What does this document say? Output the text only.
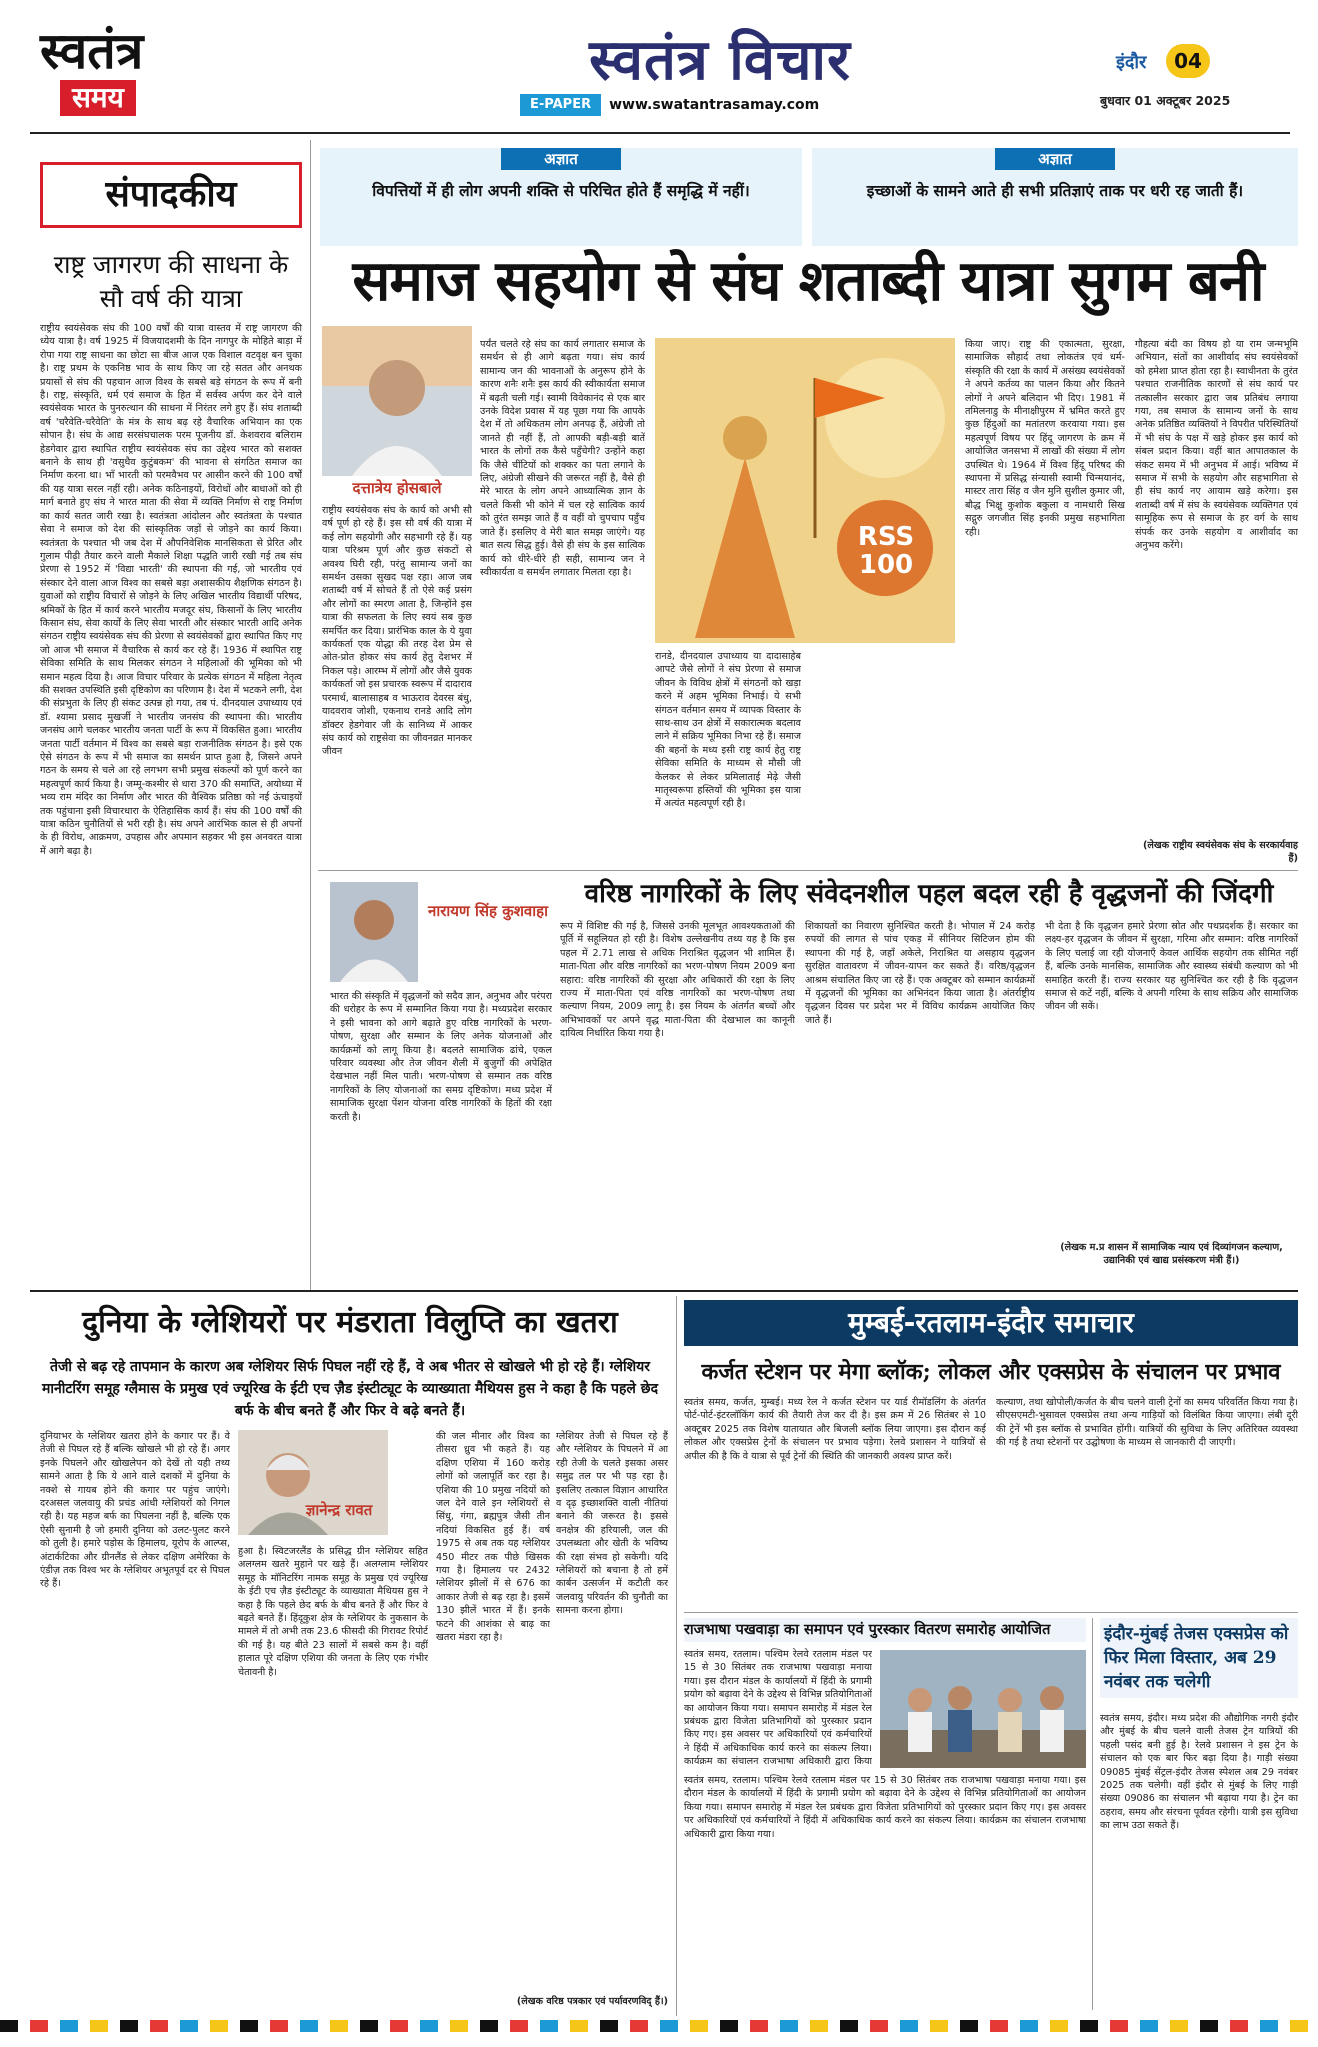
स्वतंत्र
समय
स्वतंत्र विचार
E-PAPER	www.swatantrasamay.com
इंदौर	04
बुधवार 01 अक्टूबर 2025
संपादकीय
राष्ट्र जागरण की साधना के सौ वर्ष की यात्रा

राष्ट्रीय स्वयंसेवक संघ की 100 वर्षों की यात्रा वास्तव में राष्ट्र जागरण की ध्येय यात्रा है। वर्ष 1925 में विजयादशमी के दिन नागपुर के मोहिते बाड़ा में रोपा गया राष्ट्र साधना का छोटा सा बीज आज एक विशाल वटवृक्ष बन चुका है। राष्ट्र प्रथम के एकनिष्ठ भाव के साथ किए जा रहे सतत और अनथक प्रयासों से संघ की पहचान आज विश्व के सबसे बड़े संगठन के रूप में बनी है। राष्ट्र, संस्कृति, धर्म एवं समाज के हित में सर्वस्व अर्पण कर देने वाले स्वयंसेवक भारत के पुनरुत्थान की साधना में निरंतर लगे हुए हैं। संघ शताब्दी वर्ष 'चरैवेति-चरैवेति' के मंत्र के साथ बढ़ रहे वैचारिक अभियान का एक सोपान है। संघ के आद्य सरसंघचालक परम पूजनीय डॉ. केशवराव बलिराम हेडगेवार द्वारा स्थापित राष्ट्रीय स्वयंसेवक संघ का उद्देश्य भारत को सशक्त बनाने के साथ ही 'वसुधैव कुटुंबकम' की भावना से संगठित समाज का निर्माण करना था। भाँ भारती को परमवैभव पर आसीन करने की 100 वर्षों की यह यात्रा सरल नहीं रही। अनेक कठिनाइयों, विरोधों और बाधाओं को ही मार्ग बनाते हुए संघ ने भारत माता की सेवा में व्यक्ति निर्माण से राष्ट्र निर्माण का कार्य सतत जारी रखा है। स्वतंत्रता आंदोलन और स्वतंत्रता के पश्चात सेवा ने समाज को देश की सांस्कृतिक जड़ों से जोड़ने का कार्य किया। स्वतंत्रता के पश्चात भी जब देश में औपनिवेशिक मानसिकता से प्रेरित और गुलाम पीढ़ी तैयार करने वाली मैकाले शिक्षा पद्धति जारी रखी गई तब संघ प्रेरणा से 1952 में 'विद्या भारती' की स्थापना की गई, जो भारतीय एवं संस्कार देने वाला आज विश्व का सबसे बड़ा अशासकीय शैक्षणिक संगठन है। युवाओं को राष्ट्रीय विचारों से जोड़ने के लिए अखिल भारतीय विद्यार्थी परिषद, श्रमिकों के हित में कार्य करने भारतीय मजदूर संघ, किसानों के लिए भारतीय किसान संघ, सेवा कार्यों के लिए सेवा भारती और संस्कार भारती आदि अनेक संगठन राष्ट्रीय स्वयंसेवक संघ की प्रेरणा से स्वयंसेवकों द्वारा स्थापित किए गए जो आज भी समाज में वैचारिक से कार्य कर रहे हैं। 1936 में स्थापित राष्ट्र सेविका समिति के साथ मिलकर संगठन ने महिलाओं की भूमिका को भी समान महत्व दिया है। आज विचार परिवार के प्रत्येक संगठन में महिला नेतृत्व की सशक्त उपस्थिति इसी दृष्टिकोण का परिणाम है। देश में भटकने लगी, देश की संप्रभुता के लिए ही संकट उत्पन्न हो गया, तब पं. दीनदयाल उपाध्याय एवं डॉ. श्यामा प्रसाद मुखर्जी ने भारतीय जनसंघ की स्थापना की। भारतीय जनसंघ आगे चलकर भारतीय जनता पार्टी के रूप में विकसित हुआ। भारतीय जनता पार्टी वर्तमान में विश्व का सबसे बड़ा राजनीतिक संगठन है। इसे एक ऐसे संगठन के रूप में भी समाज का समर्थन प्राप्त हुआ है, जिसने अपने गठन के समय से चले आ रहे लगभग सभी प्रमुख संकल्पों को पूर्ण करने का महत्वपूर्ण कार्य किया है। जम्मू-कश्मीर से धारा 370 की समाप्ति, अयोध्या में भव्य राम मंदिर का निर्माण और भारत की वैश्विक प्रतिष्ठा को नई ऊंचाइयों तक पहुंचाना इसी विचारधारा के ऐतिहासिक कार्य हैं। संघ की 100 वर्षों की यात्रा कठिन चुनौतियों से भरी रही है। संघ अपने आरंभिक काल से ही अपनों के ही विरोध, आक्रमण, उपहास और अपमान सहकर भी इस अनवरत यात्रा में आगे बढ़ा है।

अज्ञात
विपत्तियों में ही लोग अपनी शक्ति से परिचित होते हैं समृद्धि में नहीं।
अज्ञात
इच्छाओं के सामने आते ही सभी प्रतिज्ञाएं ताक पर धरी रह जाती हैं।
समाज सहयोग से संघ शताब्दी यात्रा सुगम बनी
दत्तात्रेय होसबाले

राष्ट्रीय स्वयंसेवक संघ के कार्य को अभी सौ वर्ष पूर्ण हो रहे हैं। इस सौ वर्ष की यात्रा में कई लोग सहयोगी और सहभागी रहे हैं। यह यात्रा परिश्रम पूर्ण और कुछ संकटों से अवश्य घिरी रही, परंतु सामान्य जनों का समर्थन उसका सुखद पक्ष रहा। आज जब शताब्दी वर्ष में सोचते हैं तो ऐसे कई प्रसंग और लोगों का स्मरण आता है, जिन्होंने इस यात्रा की सफलता के लिए स्वयं सब कुछ समर्पित कर दिया। प्रारंभिक काल के ये युवा कार्यकर्ता एक योद्धा की तरह देश प्रेम से ओत-प्रोत होकर संघ कार्य हेतु देशभर में निकल पड़े। आरम्भ में लोगों और जैसे युवक कार्यकर्ता जो इस प्रचारक स्वरूप में दादाराव परमार्थ, बालासाहब व भाऊराव देवरस बंधु, यादवराव जोशी, एकनाथ रानडे आदि लोग डॉक्टर हेडगेवार जी के सानिध्य में आकर संघ कार्य को राष्ट्रसेवा का जीवनव्रत मानकर जीवन

पर्यंत चलते रहे संघ का कार्य लगातार समाज के समर्थन से ही आगे बढ़ता गया। संघ कार्य सामान्य जन की भावनाओं के अनुरूप होने के कारण शनैः शनैः इस कार्य की स्वीकार्यता समाज में बढ़ती चली गई। स्वामी विवेकानंद से एक बार उनके विदेश प्रवास में यह पूछा गया कि आपके देश में तो अधिकतम लोग अनपढ़ हैं, अंग्रेजी तो जानते ही नहीं हैं, तो आपकी बड़ी-बड़ी बातें भारत के लोगों तक कैसे पहुँचेगी? उन्होंने कहा कि जैसे चींटियों को शक्कर का पता लगाने के लिए, अंग्रेजी सीखने की जरूरत नहीं है, वैसे ही मेरे भारत के लोग अपने आध्यात्मिक ज्ञान के चलते किसी भी कोने में चल रहे सात्विक कार्य को तुरंत समझ जाते हैं व वहीं वो चुपचाप पहुँच जाते हैं। इसलिए वे मेरी बात समझ जाएंगे। यह बात सत्य सिद्ध हुई। वैसे ही संघ के इस सात्विक कार्य को धीरे-धीरे ही सही, सामान्य जन ने स्वीकार्यता व समर्थन लगातार मिलता रहा है।

RSS 100

रानडे, दीनदयाल उपाध्याय या दादासाहेब आपटे जैसे लोगों ने संघ प्रेरणा से समाज जीवन के विविध क्षेत्रों में संगठनों को खड़ा करने में अहम भूमिका निभाई। ये सभी संगठन वर्तमान समय में व्यापक विस्तार के साथ-साथ उन क्षेत्रों में सकारात्मक बदलाव लाने में सक्रिय भूमिका निभा रहे हैं। समाज की बहनों के मध्य इसी राष्ट्र कार्य हेतु राष्ट्र सेविका समिति के माध्यम से मौसी जी केलकर से लेकर प्रमिलाताई मेढ़े जैसी मातृस्वरूपा हस्तियों की भूमिका इस यात्रा में अत्यंत महत्वपूर्ण रही है।

किया जाए। राष्ट्र की एकात्मता, सुरक्षा, सामाजिक सौहार्द तथा लोकतंत्र एवं धर्म-संस्कृति की रक्षा के कार्य में असंख्य स्वयंसेवकों ने अपने कर्तव्य का पालन किया और कितने लोगों ने अपने बलिदान भी दिए। 1981 में तमिलनाडु के मीनाक्षीपुरम में भ्रमित करते हुए कुछ हिंदुओं का मतांतरण करवाया गया। इस महत्वपूर्ण विषय पर हिंदू जागरण के क्रम में आयोजित जनसभा में लाखों की संख्या में लोग उपस्थित थे। 1964 में विश्व हिंदू परिषद की स्थापना में प्रसिद्ध संन्यासी स्वामी चिन्मयानंद, मास्टर तारा सिंह व जैन मुनि सुशील कुमार जी, बौद्ध भिक्षु कुशोक बकुला व नामधारी सिख सद्गुरु जगजीत सिंह इनकी प्रमुख सहभागिता रही।

गौहत्या बंदी का विषय हो या राम जन्मभूमि अभियान, संतों का आशीर्वाद संघ स्वयंसेवकों को हमेशा प्राप्त होता रहा है। स्वाधीनता के तुरंत पश्चात राजनीतिक कारणों से संघ कार्य पर तत्कालीन सरकार द्वारा जब प्रतिबंध लगाया गया, तब समाज के सामान्य जनों के साथ अनेक प्रतिष्ठित व्यक्तियों ने विपरीत परिस्थितियों में भी संघ के पक्ष में खड़े होकर इस कार्य को संबल प्रदान किया। वहीं बात आपातकाल के संकट समय में भी अनुभव में आई। भविष्य में समाज में सभी के सहयोग और सहभागिता से ही संघ कार्य नए आयाम खड़े करेगा। इस शताब्दी वर्ष में संघ के स्वयंसेवक व्यक्तिगत एवं सामूहिक रूप से समाज के हर वर्ग के साथ संपर्क कर उनके सहयोग व आशीर्वाद का अनुभव करेंगे।

(लेखक राष्ट्रीय स्वयंसेवक संघ के सरकार्यवाह हैं)
नारायण सिंह कुशवाहा
वरिष्ठ नागरिकों के लिए संवेदनशील पहल बदल रही है वृद्धजनों की जिंदगी

भारत की संस्कृति में वृद्धजनों को सदैव ज्ञान, अनुभव और परंपरा की धरोहर के रूप में सम्मानित किया गया है। मध्यप्रदेश सरकार ने इसी भावना को आगे बढ़ाते हुए वरिष्ठ नागरिकों के भरण-पोषण, सुरक्षा और सम्मान के लिए अनेक योजनाओं और कार्यक्रमों को लागू किया है। बदलते सामाजिक ढांचे, एकल परिवार व्यवस्था और तेज जीवन शैली में बुजुर्गों की अपेक्षित देखभाल नहीं मिल पाती। भरण-पोषण से सम्मान तक वरिष्ठ नागरिकों के लिए योजनाओं का समग्र दृष्टिकोण। मध्य प्रदेश में सामाजिक सुरक्षा पेंशन योजना वरिष्ठ नागरिकों के हितों की रक्षा करती है।

रूप में विशिष्ट की गई है, जिससे उनकी मूलभूत आवश्यकताओं की पूर्ति में सहूलियत हो रही है। विशेष उल्लेखनीय तथ्य यह है कि इस पहल में 2.71 लाख से अधिक निराश्रित वृद्धजन भी शामिल हैं। माता-पिता और वरिष्ठ नागरिकों का भरण-पोषण नियम 2009 बना सहारा: वरिष्ठ नागरिकों की सुरक्षा और अधिकारों की रक्षा के लिए राज्य में माता-पिता एवं वरिष्ठ नागरिकों का भरण-पोषण तथा कल्याण नियम, 2009 लागू है। इस नियम के अंतर्गत बच्चों और अभिभावकों पर अपने वृद्ध माता-पिता की देखभाल का कानूनी दायित्व निर्धारित किया गया है।

शिकायतों का निवारण सुनिश्चित करती है। भोपाल में 24 करोड़ रुपयों की लागत से पांच एकड़ में सीनियर सिटिजन होम की स्थापना की गई है, जहाँ अकेले, निराश्रित या असहाय वृद्धजन सुरक्षित वातावरण में जीवन-यापन कर सकते हैं। वरिष्ठ/वृद्धजन आश्रम संचालित किए जा रहे हैं। एक अक्टूबर को सम्मान कार्यक्रमों में वृद्धजनों की भूमिका का अभिनंदन किया जाता है। अंतर्राष्ट्रीय वृद्धजन दिवस पर प्रदेश भर में विविध कार्यक्रम आयोजित किए जाते हैं।

भी देता है कि वृद्धजन हमारे प्रेरणा स्रोत और पथप्रदर्शक हैं। सरकार का लक्ष्य-हर वृद्धजन के जीवन में सुरक्षा, गरिमा और सम्मान: वरिष्ठ नागरिकों के लिए चलाई जा रही योजनाएँ केवल आर्थिक सहयोग तक सीमित नहीं हैं, बल्कि उनके मानसिक, सामाजिक और स्वास्थ्य संबंधी कल्याण को भी समाहित करती हैं। राज्य सरकार यह सुनिश्चित कर रही है कि वृद्धजन समाज से कटें नहीं, बल्कि वे अपनी गरिमा के साथ सक्रिय और सामाजिक जीवन जी सकें।

(लेखक म.प्र शासन में सामाजिक न्याय एवं दिव्यांगजन कल्याण, उद्यानिकी एवं खाद्य प्रसंस्करण मंत्री हैं।)
दुनिया के ग्लेशियरों पर मंडराता विलुप्ति का खतरा
तेजी से बढ़ रहे तापमान के कारण अब ग्लेशियर सिर्फ पिघल नहीं रहे हैं, वे अब भीतर से खोखले भी हो रहे हैं। ग्लेशियर मानीटरिंग समूह ग्लैमास के प्रमुख एवं ज्यूरिख के ईटी एच ज़ैड इंस्टीट्यूट के व्याख्याता मैथियस हुस ने कहा है कि पहले छेद बर्फ के बीच बनते हैं और फिर वे बढ़े बनते हैं।

दुनियाभर के ग्लेशियर खतरा होने के कगार पर हैं। वे तेजी से पिघल रहे हैं बल्कि खोखले भी हो रहे हैं। अगर इनके पिघलने और खोखलेपन को देखें तो यही तथ्य सामने आता है कि ये आने वाले दशकों में दुनिया के नक्शे से गायब होने की कगार पर पहुंच जाएंगे। दरअसल जलवायु की प्रचंड आंधी ग्लेशियरों को निगल रही है। यह महज बर्फ का पिघलना नहीं है, बल्कि एक ऐसी सुनामी है जो हमारी दुनिया को उलट-पुलट करने को तुली है। हमारे पड़ोस के हिमालय, यूरोप के आल्प्स, अंटार्कटिका और ग्रीनलैंड से लेकर दक्षिण अमेरिका के एंडीज़ तक विश्व भर के ग्लेशियर अभूतपूर्व दर से पिघल रहे हैं।

ज्ञानेन्द्र रावत

हुआ है। स्विटजरलैंड के प्रसिद्ध ग्रीन ग्लेशियर सहित अलग्लम खतरे मुहाने पर खड़े हैं। अलग्लाम ग्लेशियर समूह के मॉनिटरिंग नामक समूह के प्रमुख एवं ज्यूरिख के ईटी एच ज़ैड इंस्टीट्यूट के व्याख्याता मैथियस हुस ने कहा है कि पहले छेद बर्फ के बीच बनते हैं और फिर वे बढ़ते बनते हैं। हिंदूकुश क्षेत्र के ग्लेशियर के नुकसान के मामले में तो अभी तक 23.6 फीसदी की गिरावट रिपोर्ट की गई है। यह बीते 23 सालों में सबसे कम है। वहीं हालात पूरे दक्षिण एशिया की जनता के लिए एक गंभीर चेतावनी है।

की जल मीनार और विश्व का तीसरा ध्रुव भी कहते हैं। यह दक्षिण एशिया में 160 करोड़ लोगों को जलापूर्ति कर रहा है। एशिया की 10 प्रमुख नदियों को जल देने वाले इन ग्लेशियरों से सिंधु, गंगा, ब्रह्मपुत्र जैसी तीन नदियां विकसित हुई हैं। वर्ष 1975 से अब तक यह ग्लेशियर 450 मीटर तक पीछे खिसक गया है। हिमालय पर 2432 ग्लेशियर झीलों में से 676 का आकार तेजी से बढ़ रहा है। इसमें 130 झीलें भारत में हैं। इनके फटने की आशंका से बाढ़ का खतरा मंडरा रहा है।

ग्लेशियर तेजी से पिघल रहे हैं और ग्लेशियर के पिघलने में आ रही तेजी के चलते इसका असर समुद्र तल पर भी पड़ रहा है। इसलिए तत्काल विज्ञान आधारित व दृढ़ इच्छाशक्ति वाली नीतियां बनाने की जरूरत है। इससे वनक्षेत्र की हरियाली, जल की उपलब्धता और खेती के भविष्य की रक्षा संभव हो सकेगी। यदि ग्लेशियरों को बचाना है तो हमें कार्बन उत्सर्जन में कटौती कर जलवायु परिवर्तन की चुनौती का सामना करना होगा।

(लेखक वरिष्ठ पत्रकार एवं पर्यावरणविद् हैं।)
मुम्बई-रतलाम-इंदौर समाचार
कर्जत स्टेशन पर मेगा ब्लॉक; लोकल और एक्सप्रेस के संचालन पर प्रभाव

स्वतंत्र समय, कर्जत, मुम्बई। मध्य रेल ने कर्जत स्टेशन पर यार्ड रीमॉडलिंग के अंतर्गत पोर्ट-पोर्ट-इंटरलॉकिंग कार्य की तैयारी तेज कर दी है। इस क्रम में 26 सितंबर से 10 अक्टूबर 2025 तक विशेष यातायात और बिजली ब्लॉक लिया जाएगा। इस दौरान कई लोकल और एक्सप्रेस ट्रेनों के संचालन पर प्रभाव पड़ेगा। रेलवे प्रशासन ने यात्रियों से अपील की है कि वे यात्रा से पूर्व ट्रेनों की स्थिति की जानकारी अवश्य प्राप्त करें।

कल्याण, तथा खोपोली/कर्जत के बीच चलने वाली ट्रेनों का समय परिवर्तित किया गया है। सीएसएमटी-भुसावल एक्सप्रेस तथा अन्य गाड़ियों को विलंबित किया जाएगा। लंबी दूरी की ट्रेनें भी इस ब्लॉक से प्रभावित होंगी। यात्रियों की सुविधा के लिए अतिरिक्त व्यवस्था की गई है तथा स्टेशनों पर उद्घोषणा के माध्यम से जानकारी दी जाएगी।

राजभाषा पखवाड़ा का समापन एवं पुरस्कार वितरण समारोह आयोजित

स्वतंत्र समय, रतलाम। पश्चिम रेलवे रतलाम मंडल पर 15 से 30 सितंबर तक राजभाषा पखवाड़ा मनाया गया। इस दौरान मंडल के कार्यालयों में हिंदी के प्रगामी प्रयोग को बढ़ावा देने के उद्देश्य से विभिन्न प्रतियोगिताओं का आयोजन किया गया। समापन समारोह में मंडल रेल प्रबंधक द्वारा विजेता प्रतिभागियों को पुरस्कार प्रदान किए गए। इस अवसर पर अधिकारियों एवं कर्मचारियों ने हिंदी में अधिकाधिक कार्य करने का संकल्प लिया। कार्यक्रम का संचालन राजभाषा अधिकारी द्वारा किया

स्वतंत्र समय, रतलाम। पश्चिम रेलवे रतलाम मंडल पर 15 से 30 सितंबर तक राजभाषा पखवाड़ा मनाया गया। इस दौरान मंडल के कार्यालयों में हिंदी के प्रगामी प्रयोग को बढ़ावा देने के उद्देश्य से विभिन्न प्रतियोगिताओं का आयोजन किया गया। समापन समारोह में मंडल रेल प्रबंधक द्वारा विजेता प्रतिभागियों को पुरस्कार प्रदान किए गए। इस अवसर पर अधिकारियों एवं कर्मचारियों ने हिंदी में अधिकाधिक कार्य करने का संकल्प लिया। कार्यक्रम का संचालन राजभाषा अधिकारी द्वारा किया गया।

इंदौर-मुंबई तेजस एक्सप्रेस को फिर मिला विस्तार, अब 29 नवंबर तक चलेगी

स्वतंत्र समय, इंदौर। मध्य प्रदेश की औद्योगिक नगरी इंदौर और मुंबई के बीच चलने वाली तेजस ट्रेन यात्रियों की पहली पसंद बनी हुई है। रेलवे प्रशासन ने इस ट्रेन के संचालन को एक बार फिर बढ़ा दिया है। गाड़ी संख्या 09085 मुंबई सेंट्रल-इंदौर तेजस स्पेशल अब 29 नवंबर 2025 तक चलेगी। वहीं इंदौर से मुंबई के लिए गाड़ी संख्या 09086 का संचालन भी बढ़ाया गया है। ट्रेन का ठहराव, समय और संरचना पूर्ववत रहेगी। यात्री इस सुविधा का लाभ उठा सकते हैं।
